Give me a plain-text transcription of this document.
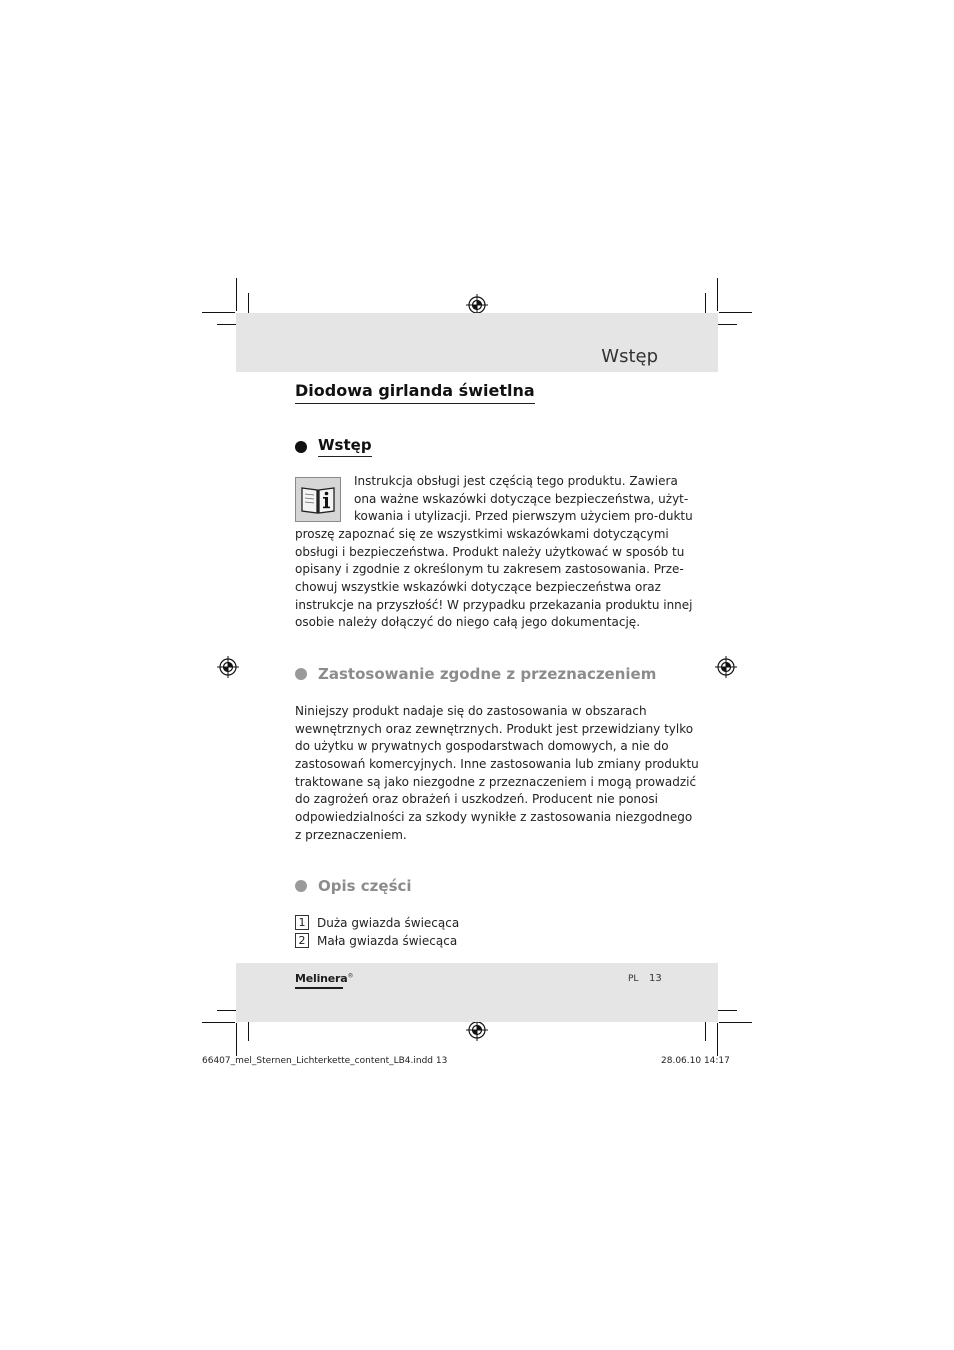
Wstęp
Diodowa girlanda świetlna
Wstęp
Instrukcja obsługi jest częścią tego produktu. Zawiera
ona ważne wskazówki dotyczące bezpieczeństwa, użyt-
kowania i utylizacji. Przed pierwszym użyciem pro-duktu
proszę zapoznać się ze wszystkimi wskazówkami dotyczącymi
obsługi i bezpieczeństwa. Produkt należy użytkować w sposób tu
opisany i zgodnie z określonym tu zakresem zastosowania. Prze-
chowuj wszystkie wskazówki dotyczące bezpieczeństwa oraz
instrukcje na przyszłość! W przypadku przekazania produktu innej
osobie należy dołączyć do niego całą jego dokumentację.
Zastosowanie zgodne z przeznaczeniem
Niniejszy produkt nadaje się do zastosowania w obszarach
wewnętrznych oraz zewnętrznych. Produkt jest przewidziany tylko
do użytku w prywatnych gospodarstwach domowych, a nie do
zastosowań komercyjnych. Inne zastosowania lub zmiany produktu
traktowane są jako niezgodne z przeznaczeniem i mogą prowadzić
do zagrożeń oraz obrażeń i uszkodzeń. Producent nie ponosi
odpowiedzialności za szkody wynikłe z zastosowania niezgodnego
z przeznaczeniem.
Opis części
1 Duża gwiazda świecąca
2 Mała gwiazda świecąca
Melinera®	PL 13
66407_mel_Sternen_Lichterkette_content_LB4.indd 13	28.06.10 14:17
